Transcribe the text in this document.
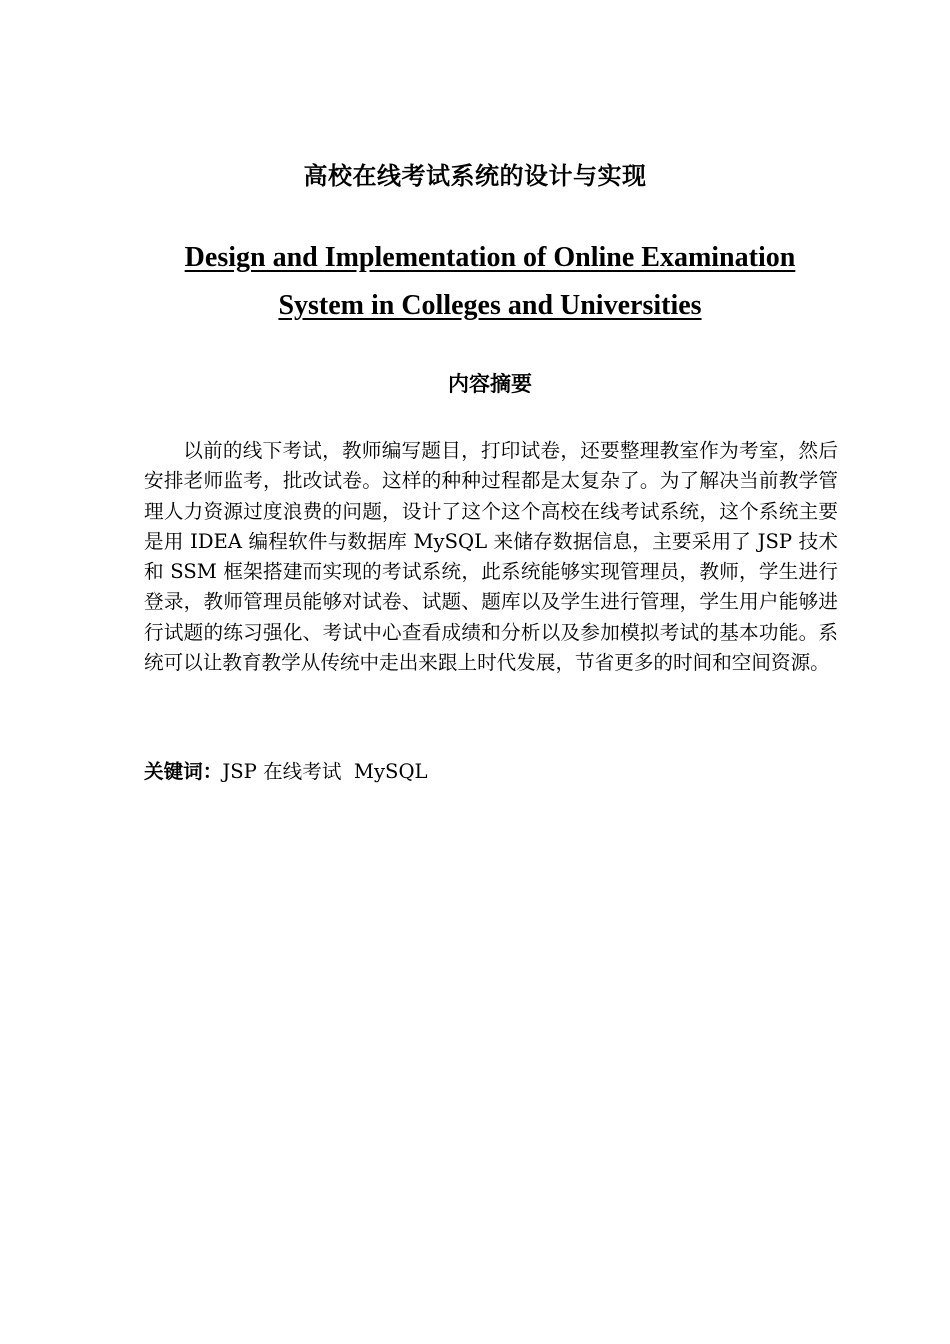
高校在线考试系统的设计与实现
Design and Implementation of Online Examination
System in Colleges and Universities
内容摘要
以前的线下考试，教师编写题目，打印试卷，还要整理教室作为考室，然后安排老师监考，批改试卷。这样的种种过程都是太复杂了。为了解决当前教学管理人力资源过度浪费的问题，设计了这个这个高校在线考试系统，这个系统主要是用 IDEA 编程软件与数据库 MySQL 来储存数据信息，主要采用了 JSP 技术和 SSM 框架搭建而实现的考试系统，此系统能够实现管理员，教师，学生进行登录，教师管理员能够对试卷、试题、题库以及学生进行管理，学生用户能够进行试题的练习强化、考试中心查看成绩和分析以及参加模拟考试的基本功能。系统可以让教育教学从传统中走出来跟上时代发展，节省更多的时间和空间资源。
关键词：JSP 在线考试  MySQL
